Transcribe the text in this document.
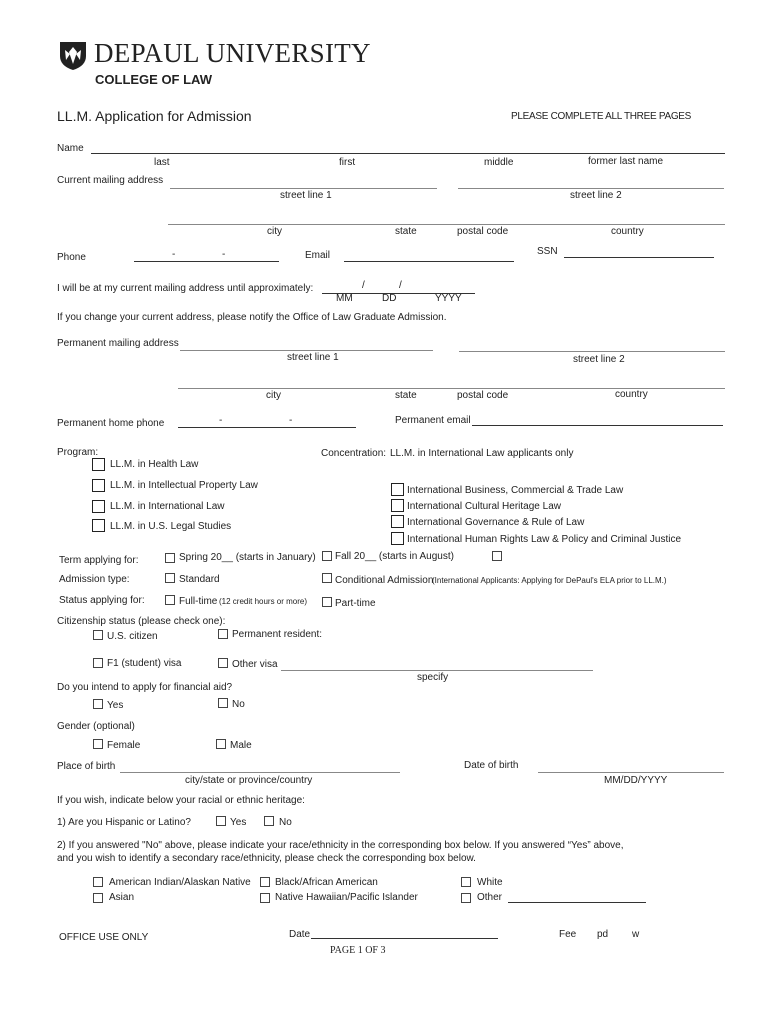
DEPAUL UNIVERSITY
COLLEGE OF LAW
LL.M. Application for Admission	PLEASE COMPLETE ALL THREE PAGES
Name
last	first	middle	former last name
Current mailing address
street line 1	street line 2
city	state	postal code	country
Phone	-	-	Email	SSN
I will be at my current mailing address until approximately:	/	/
MM	DD	YYYY
If you change your current address, please notify the Office of Law Graduate Admission.
Permanent mailing address
street line 1	street line 2
city	state	postal code	country
Permanent home phone	-	-	Permanent email
Program:
LL.M. in Health Law
LL.M. in Intellectual Property Law
LL.M. in International Law
LL.M. in U.S. Legal Studies
Concentration: LL.M. in International Law applicants only
International Business, Commercial & Trade Law
International Cultural Heritage Law
International Governance & Rule of Law
International Human Rights Law & Policy and Criminal Justice
Term applying for:	Spring 20__ (starts in January) Fall 20__ (starts in August)
Admission type:	Standard	Conditional Admission
(International Applicants: Applying for DePaul's ELA prior to LL.M.)
Status applying for:	Full-time (12 credit hours or more)	Part-time
Citizenship status (please check one):
U.S. citizen	Permanent resident:
F1 (student) visa	Other visa
specify
Do you intend to apply for financial aid?
Yes	No
Gender (optional)
Female	Male
Place of birth
city/state or province/country
Date of birth
MM/DD/YYYY
If you wish, indicate below your racial or ethnic heritage:
1) Are you Hispanic or Latino?	Yes	No
2) If you answered "No" above, please indicate your race/ethnicity in the corresponding box below. If you answered “Yes” above,
and you wish to identify a secondary race/ethnicity, please check the corresponding box below.
American Indian/Alaskan Native
Asian
Black/African American
Native Hawaiian/Pacific Islander
White
Other
OFFICE USE ONLY	Date	Fee pd w
PAGE 1 OF 3
